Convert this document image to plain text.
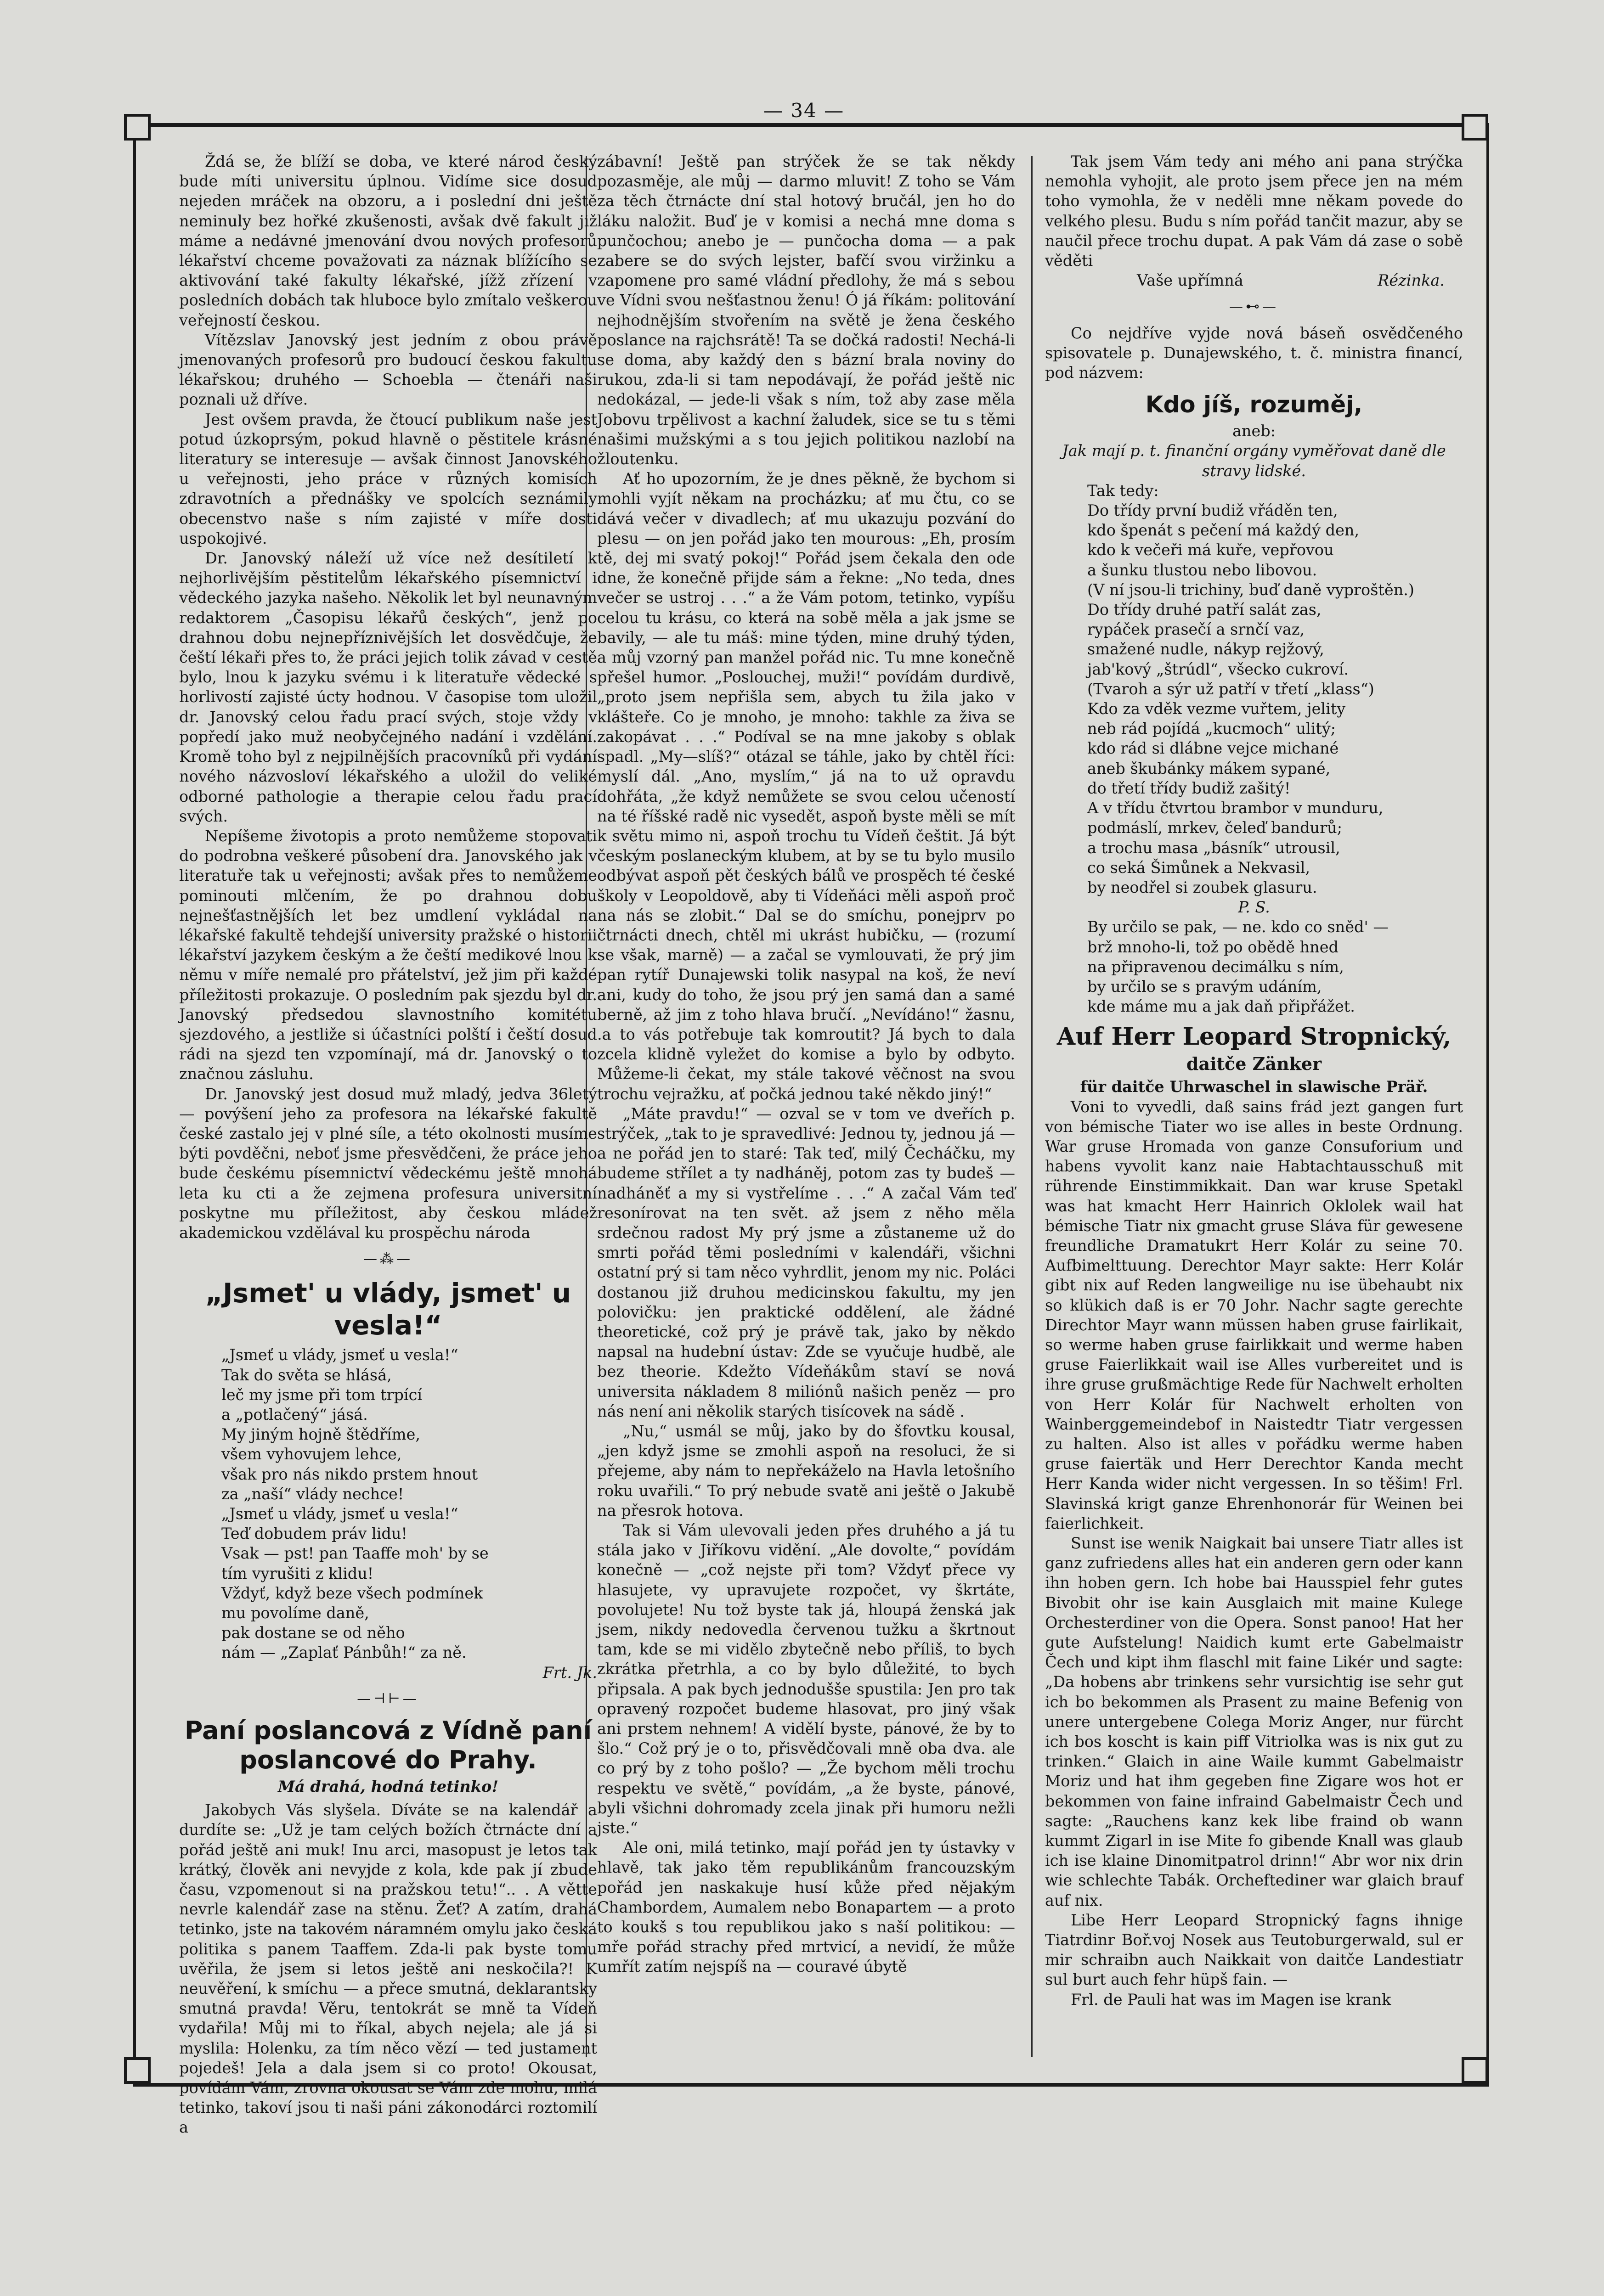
— 34 —

Ždá se, že blíží se doba, ve které národ český bude míti universitu úplnou. Vidíme sice dosud nejeden mráček na obzoru, a i poslední dni ještě neminuly bez hořké zkušenosti, avšak dvě fakult již máme a nedávné jmenování dvou nových profesorů lékařství chceme považovati za náznak blížícího se aktivování také fakulty lékařské, jížž zřízení v posledních dobách tak hluboce bylo zmítalo veškerou veřejností českou.

Vítězslav Janovský jest jedním z obou právě jmenovaných profesorů pro budoucí českou fakultu lékařskou; druhého — Schoebla — čtenáři naši poznali už dříve.

Jest ovšem pravda, že čtoucí publikum naše jest potud úzkoprsým, pokud hlavně o pěstitele krásné literatury se interesuje — avšak činnost Janovského u veřejnosti, jeho práce v různých komisích zdravotních a přednášky ve spolcích seznámily obecenstvo naše s ním zajisté v míře dosti uspokojivé.

Dr. Janovský náleží už více než desítiletí k nejhorlivějším pěstitelům lékařského písemnictví i vědeckého jazyka našeho. Několik let byl neunavným redaktorem „Časopisu lékařů českých“, jenž po drahnou dobu nejnepříznivějších let dosvědčuje, že čeští lékaři přes to, že práci jejich tolik závad v cestě bylo, lnou k jazyku svému i k literatuře vědecké s horlivostí zajisté úcty hodnou. V časopise tom uložil dr. Janovský celou řadu prací svých, stoje vždy v popředí jako muž neobyčejného nadání i vzdělání. Kromě toho byl z nejpilnějších pracovníků při vydání nového názvosloví lékařského a uložil do veliké odborné pathologie a therapie celou řadu prací svých.

Nepíšeme životopis a proto nemůžeme stopovati do podrobna veškeré působení dra. Janovského jak v literatuře tak u veřejnosti; avšak přes to nemůžeme pominouti mlčením, že po drahnou dobu nejnešťastnějších let bez umdlení vykládal na lékařské fakultě tehdejší university pražské o historii lékařství jazykem českým a že čeští medikové lnou k němu v míře nemalé pro přátelství, jež jim při každé příležitosti prokazuje. O posledním pak sjezdu byl dr. Janovský předsedou slavnostního komitétu sjezdového, a jestliže si účastníci polští i čeští dosud rádi na sjezd ten vzpomínají, má dr. Janovský o to značnou zásluhu.

Dr. Janovský jest dosud muž mladý, jedva 36letý — povýšení jeho za profesora na lékařské fakultě české zastalo jej v plné síle, a této okolnosti musíme býti povděčni, neboť jsme přesvědčeni, že práce jeho bude českému písemnictví vědeckému ještě mnohá leta ku cti a že zejmena profesura universitní poskytne mu příležitost, aby českou mládež akademickou vzdělával ku prospěchu národa

—⁂—
„Jsmet' u vlády, jsmet' u vesla!“

„Jsmeť u vlády, jsmeť u vesla!“

Tak do světa se hlásá,

leč my jsme při tom trpící

a „potlačený“ jásá.

My jiným hojně štědříme,

všem vyhovujem lehce,

však pro nás nikdo prstem hnout

za „naší“ vlády nechce!

„Jsmeť u vlády, jsmeť u vesla!“

Teď dobudem práv lidu!

Vsak — pst! pan Taaffe moh' by se

tím vyrušiti z klidu!

Vždyť, když beze všech podmínek

mu povolíme daně,

pak dostane se od něho

nám — „Zaplať Pánbůh!“ za ně.

Frt. Jk.
—⊣⊢—
Paní poslancová z Vídně paní poslancové do Prahy.
Má drahá, hodná tetinko!

Jakobych Vás slyšela. Díváte se na kalendář a durdíte se: „Už je tam celých božích čtrnácte dní a pořád ještě ani muk! Inu arci, masopust je letos tak krátký, člověk ani nevyjde z kola, kde pak jí zbude času, vzpomenout si na pražskou tetu!“.. . A větte nevrle kalendář zase na stěnu. Žeť? A zatím, drahá tetinko, jste na takovém náramném omylu jako česká politika s panem Taaffem. Zda-li pak byste tomu uvěřila, že jsem si letos ještě ani neskočila?! K neuvěření, k smíchu — a přece smutná, deklarantsky smutná pravda! Věru, tentokrát se mně ta Vídeň vydařila! Můj mi to říkal, abych nejela; ale já si myslila: Holenku, za tím něco vězí — ted justament pojedeš! Jela a dala jsem si co proto! Okousat, povídám Vám, zrovna okousat se Vám zde mohu, milá tetinko, takoví jsou ti naši páni zákonodárci roztomilí a

zábavní! Ještě pan strýček že se tak někdy pozasměje, ale můj — darmo mluvit! Z toho se Vám za těch čtrnácte dní stal hotový bručál, jen ho do láku naložit. Buď je v komisi a nechá mne doma s punčochou; anebo je — punčocha doma — a pak zabere se do svých lejster, bafčí svou viržinku a zapomene pro samé vládní předlohy, že má s sebou ve Vídni svou nešťastnou ženu! Ó já říkám: politování nejhodnějším stvořením na světě je žena českého poslance na rajchsrátě! Ta se dočká radosti! Nechá-li se doma, aby každý den s bázní brala noviny do rukou, zda-li si tam nepodávají, že pořád ještě nic nedokázal, — jede-li však s ním, tož aby zase měla Jobovu trpělivost a kachní žaludek, sice se tu s těmi našimi mužskými a s tou jejich politikou nazlobí na žloutenku.

Ať ho upozorním, že je dnes pěkně, že bychom si mohli vyjít někam na procházku; ať mu čtu, co se dává večer v divadlech; ať mu ukazuju pozvání do plesu — on jen pořád jako ten mourous: „Eh, prosím tě, dej mi svatý pokoj!“ Pořád jsem čekala den ode dne, že konečně přijde sám a řekne: „No teda, dnes večer se ustroj . . .“ a že Vám potom, tetinko, vypíšu celou tu krásu, co která na sobě měla a jak jsme se bavily, — ale tu máš: mine týden, mine druhý týden, a můj vzorný pan manžel pořád nic. Tu mne konečně přešel humor. „Poslouchej, muži!“ povídám durdivě, „proto jsem nepřišla sem, abych tu žila jako v klášteře. Co je mnoho, je mnoho: takhle za živa se zakopávat . . .“ Podíval se na mne jakoby s oblak spadl. „My—slíš?“ otázal se táhle, jako by chtěl říci: myslí dál. „Ano, myslím,“ já na to už opravdu dohřáta, „že když nemůžete se svou celou učeností na té říšské radě nic vysedět, aspoň byste měli se mít k světu mimo ni, aspoň trochu tu Vídeň češtit. Já být českým poslaneckým klubem, at by se tu bylo musilo odbývat aspoň pět českých bálů ve prospěch té české školy v Leopoldově, aby ti Vídeňáci měli aspoň proč na nás se zlobit.“ Dal se do smíchu, ponejprv po čtrnácti dnech, chtěl mi ukrást hubičku, — (rozumí se však, marně) — a začal se vymlouvati, že prý jim pan rytíř Dunajewski tolik nasypal na koš, že neví ani, kudy do toho, že jsou prý jen samá dan a samé berně, až jim z toho hlava bručí. „Nevídáno!“ žasnu, .a to vás potřebuje tak komroutit? Já bych to dala zcela klidně vyležet do komise a bylo by odbyto. Můžeme-li čekat, my stále takové věčnost na svou trochu vejražku, ať počká jednou také někdo jiný!“

„Máte pravdu!“ — ozval se v tom ve dveřích p. strýček, „tak to je spravedlivé: Jednou ty, jednou já — a ne pořád jen to staré: Tak teď, milý Čecháčku, my budeme střílet a ty nadháněj, potom zas ty budeš — nadháněť a my si vystřelíme . . .“ A začal Vám teď resonírovat na ten svět. až jsem z něho měla srdečnou radost My prý jsme a zůstaneme už do smrti pořád těmi posledními v kalendáři, všichni ostatní prý si tam něco vyhrdlit, jenom my nic. Poláci dostanou již druhou medicinskou fakultu, my jen polovičku: jen praktické oddělení, ale žádné theoretické, což prý je právě tak, jako by někdo napsal na hudební ústav: Zde se vyučuje hudbě, ale bez theorie. Kdežto Vídeňákům staví se nová universita nákladem 8 miliónů našich peněz — pro nás není ani několik starých tisícovek na sádě .

„Nu,“ usmál se můj, jako by do šfovtku kousal, „jen když jsme se zmohli aspoň na resoluci, že si přejeme, aby nám to nepřekáželo na Havla letošního roku uvařili.“ To prý nebude svatě ani ještě o Jakubě na přesrok hotova.

Tak si Vám ulevovali jeden přes druhého a já tu stála jako v Jiříkovu vidění. „Ale dovolte,“ povídám konečně — „což nejste při tom? Vždyť přece vy hlasujete, vy upravujete rozpočet, vy škrtáte, povolujete! Nu tož byste tak já, hloupá ženská jak jsem, nikdy nedovedla červenou tužku a škrtnout tam, kde se mi vidělo zbytečně nebo příliš, to bych zkrátka přetrhla, a co by bylo důležité, to bych připsala. A pak bych jednodušše spustila: Jen pro tak opravený rozpočet budeme hlasovat, pro jiný však ani prstem nehnem! A vidělí byste, pánové, že by to šlo.“ Což prý je o to, přisvědčovali mně oba dva. ale co prý by z toho pošlo? — „Že bychom měli trochu respektu ve světě,“ povídám, „a že byste, pánové, byli všichni dohromady zcela jinak při humoru nežli jste.“

Ale oni, milá tetinko, mají pořád jen ty ústavky v hlavě, tak jako těm republikánům francouzským pořád jen naskakuje husí kůže před nějakým Chambordem, Aumalem nebo Bonapartem — a proto to koukš s tou republikou jako s naší politikou: — mře pořád strachy před mrtvicí, a nevidí, že může umřít zatím nejspíš na — couravé úbytě

Tak jsem Vám tedy ani mého ani pana strýčka nemohla vyhojit, ale proto jsem přece jen na mém toho vymohla, že v neděli mne někam povede do velkého plesu. Budu s ním pořád tančit mazur, aby se naučil přece trochu dupat. A pak Vám dá zase o sobě věděti

Vaše upřímná	Rézinka.
—⊷—

Co nejdříve vyjde nová báseň osvědčeného spisovatele p. Dunajewského, t. č. ministra financí, pod názvem:

Kdo jíš, rozuměj,
aneb:
Jak mají p. t. finanční orgány vyměřovat daně dle stravy lidské.

Tak tedy:

Do třídy první budiž vřáděn ten,

kdo špenát s pečení má každý den,

kdo k večeři má kuře, vepřovou

a šunku tlustou nebo libovou.

(V ní jsou-li trichiny, buď daně vyproštěn.)

Do třídy druhé patří salát zas,

rypáček prasečí a srnčí vaz,

smažené nudle, nákyp rejžový,

jab'kový „štrúdl“, všecko cukroví.

(Tvaroh a sýr už patří v třetí „klass“)

Kdo za vděk vezme vuřtem, jelity

neb rád pojídá „kucmoch“ ulitý;

kdo rád si dlábne vejce michané

aneb škubánky mákem sypané,

do třetí třídy budiž zašitý!

A v třídu čtvrtou brambor v munduru,

podmáslí, mrkev, čeleď bandurů;

a trochu masa „básník“ utrousil,

co seká Šimůnek a Nekvasil,

by neodřel si zoubek glasuru.

P. S.

By určilo se pak, — ne. kdo co sněd' —

brž mnoho-li, tož po obědě hned

na připravenou decimálku s ním,

by určilo se s pravým udáním,

kde máme mu a jak daň připřážet.

Auf Herr Leopard Stropnický,
daitče Zänker
für daitče Uhrwaschel in slawische Präř.

Voni to vyvedli, daß sains frád jezt gangen furt von bémische Tiater wo ise alles in beste Ordnung. War gruse Hromada von ganze Consuforium und habens vyvolit kanz naie Habtachtausschuß mit rührende Einstimmikkait. Dan war kruse Spetakl was hat kmacht Herr Hainrich Oklolek wail hat bémische Tiatr nix gmacht gruse Sláva für gewesene freundliche Dramatukrt Herr Kolár zu seine 70. Aufbimelttuung. Derechtor Mayr sakte: Herr Kolár gibt nix auf Reden langweilige nu ise übehaubt nix so klükich daß is er 70 Johr. Nachr sagte gerechte Direchtor Mayr wann müssen haben gruse fairlikait, so werme haben gruse fairlikkait und werme haben gruse Faierlikkait wail ise Alles vurbereitet und is ihre gruse grußmächtige Rede für Nachwelt erholten von Herr Kolár für Nachwelt erholten von Wainberggemeindebof in Naistedtr Tiatr vergessen zu halten. Also ist alles v pořádku werme haben gruse faiertäk und Herr Derechtor Kanda mecht Herr Kanda wider nicht vergessen. In so těšim! Frl. Slavinská krigt ganze Ehrenhonorár für Weinen bei faierlichkeit.

Sunst ise wenik Naigkait bai unsere Tiatr alles ist ganz zufriedens alles hat ein anderen gern oder kann ihn hoben gern. Ich hobe bai Hausspiel fehr gutes Bivobit ohr ise kain Ausglaich mit maine Kulege Orchesterdiner von die Opera. Sonst panoo! Hat her gute Aufstelung! Naidich kumt erte Gabelmaistr Čech und kipt ihm flaschl mit faine Likér und sagte: „Da hobens abr trinkens sehr vursichtig ise sehr gut ich bo bekommen als Prasent zu maine Befenig von unere untergebene Colega Moriz Anger, nur fürcht ich bos koscht is kain piff Vitriolka was is nix gut zu trinken.“ Glaich in aine Waile kummt Gabelmaistr Moriz und hat ihm gegeben fine Zigare wos hot er bekommen von faine infraind Gabelmaistr Čech und sagte: „Rauchens kanz kek libe fraind ob wann kummt Zigarl in ise Mite fo gibende Knall was glaub ich ise klaine Dinomitpatrol drinn!“ Abr wor nix drin wie schlechte Tabák. Orcheftediner war glaich brauf auf nix.

Libe Herr Leopard Stropnický fagns ihnige Tiatrdinr Boř.voj Nosek aus Teutoburgerwald, sul er mir schraibn auch Naikkait von daitče Landestiatr sul burt auch fehr hüpš fain. —

Frl. de Pauli hat was im Magen ise krank
